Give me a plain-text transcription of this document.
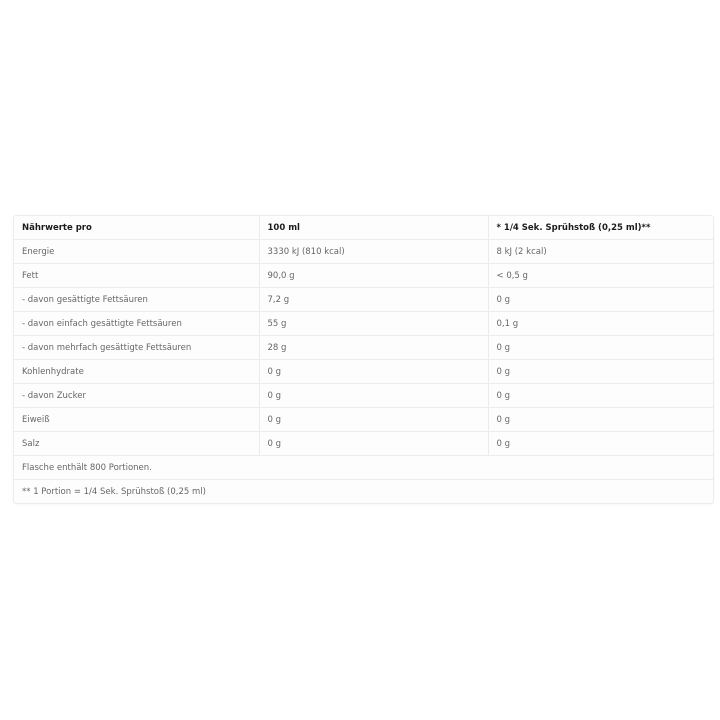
Nährwerte pro	100 ml	* 1/4 Sek. Sprühstoß (0,25 ml)**
Energie	3330 kJ (810 kcal)	8 kJ (2 kcal)
Fett	90,0 g	< 0,5 g
- davon gesättigte Fettsäuren	7,2 g	0 g
- davon einfach gesättigte Fettsäuren	55 g	0,1 g
- davon mehrfach gesättigte Fettsäuren	28 g	0 g
Kohlenhydrate	0 g	0 g
- davon Zucker	0 g	0 g
Eiweiß	0 g	0 g
Salz	0 g	0 g
Flasche enthält 800 Portionen.		
** 1 Portion = 1/4 Sek. Sprühstoß (0,25 ml)		
